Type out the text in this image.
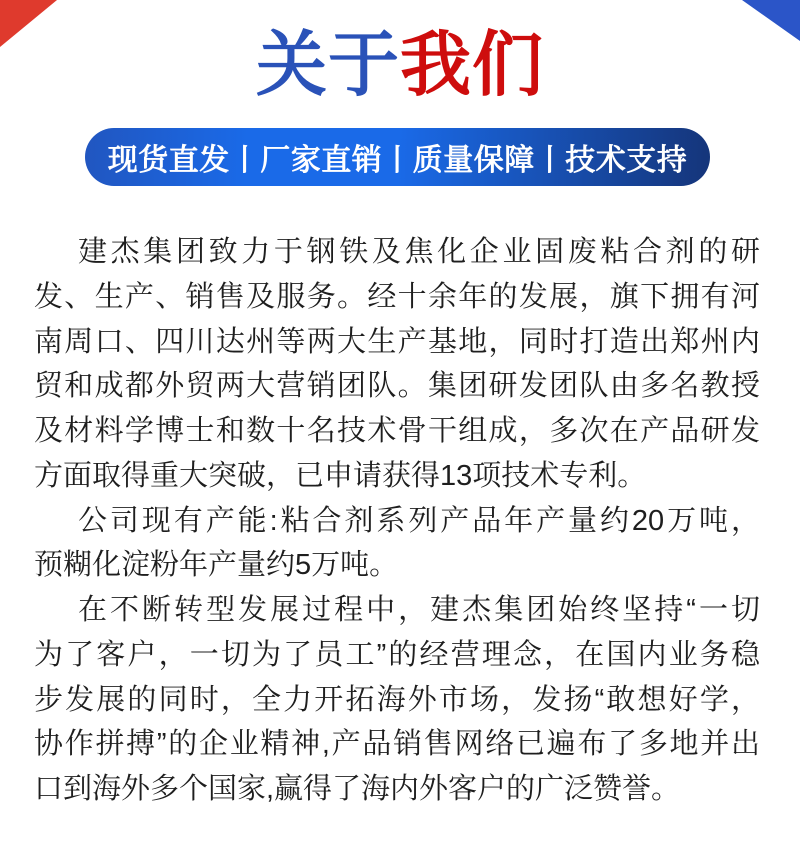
关于我们
现货直发丨厂家直销丨质量保障丨技术支持
建杰集团致力于钢铁及焦化企业固废粘合剂的研
发、生产、销售及服务。经十余年的发展，旗下拥有河
南周口、四川达州等两大生产基地，同时打造出郑州内
贸和成都外贸两大营销团队。集团研发团队由多名教授
及材料学博士和数十名技术骨干组成，多次在产品研发
方面取得重大突破，已申请获得13项技术专利。
公司现有产能:粘合剂系列产品年产量约20万吨，
预糊化淀粉年产量约5万吨。
在不断转型发展过程中，建杰集团始终坚持“一切
为了客户，一切为了员工”的经营理念，在国内业务稳
步发展的同时，全力开拓海外市场，发扬“敢想好学，
协作拼搏”的企业精神,产品销售网络已遍布了多地并出
口到海外多个国家,赢得了海内外客户的广泛赞誉。
